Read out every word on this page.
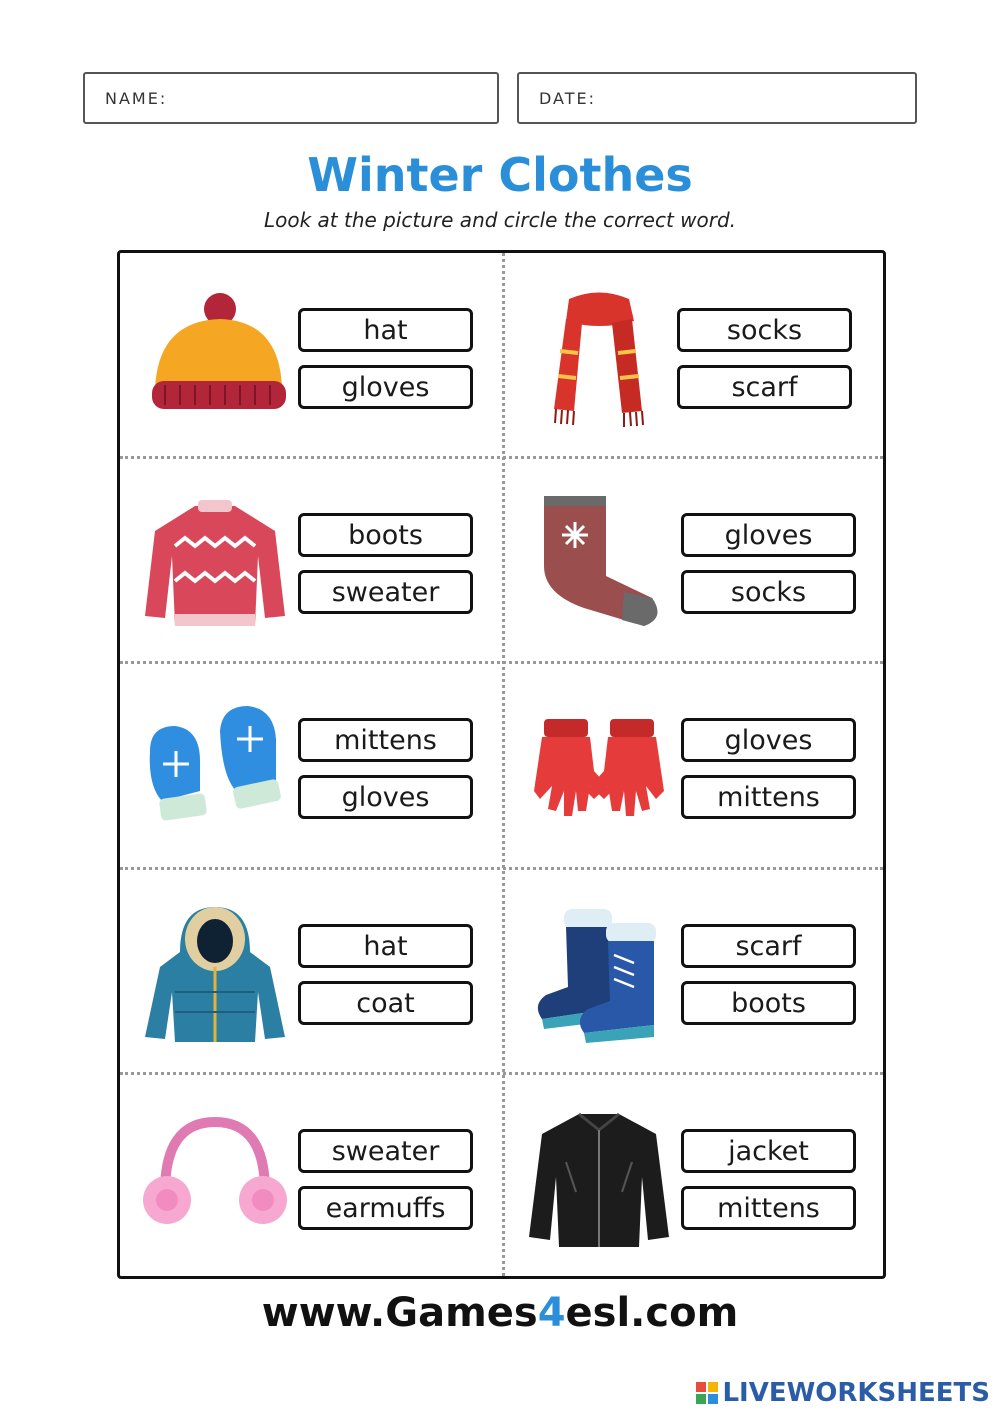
NAME:	DATE:
Winter Clothes
Look at the picture and circle the correct word.
hat
gloves
socks
scarf
boots
sweater
gloves
socks
mittens
gloves
gloves
mittens
hat
coat
scarf
boots
sweater
earmuffs
jacket
mittens
www.Games4esl.com
LIVEWORKSHEETS
